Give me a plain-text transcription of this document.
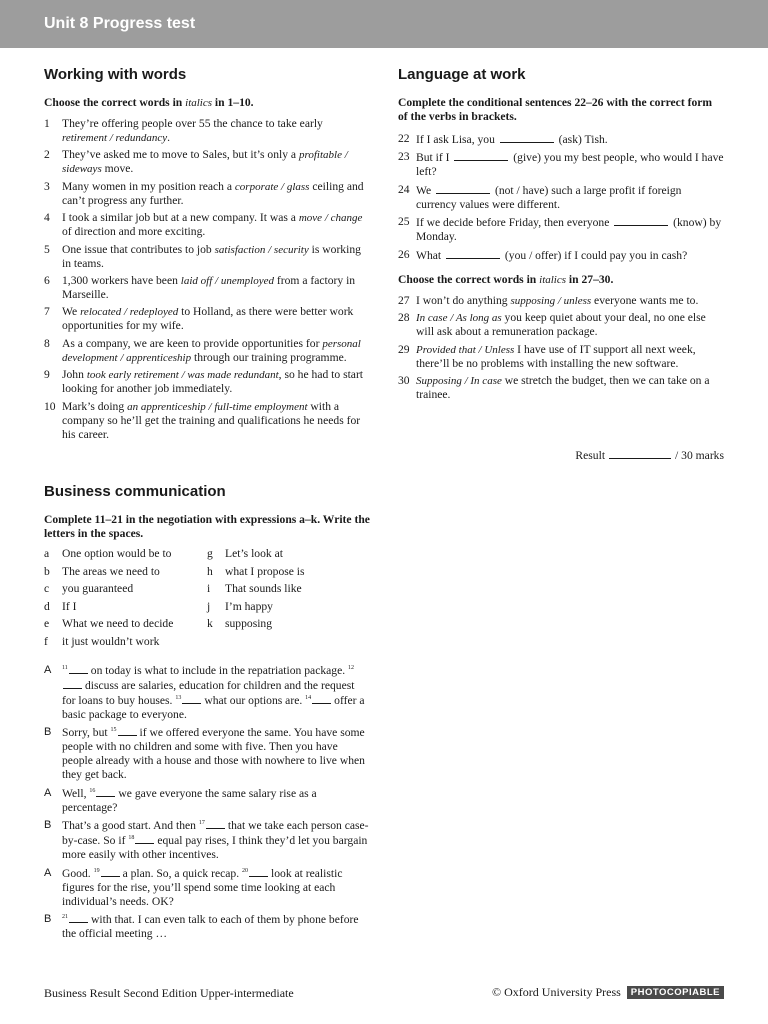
Unit 8 Progress test
Working with words
Choose the correct words in italics in 1–10.
1	They’re offering people over 55 the chance to take early retirement / redundancy.
2	They’ve asked me to move to Sales, but it’s only a profitable / sideways move.
3	Many women in my position reach a corporate / glass ceiling and can’t progress any further.
4	I took a similar job but at a new company. It was a move / change of direction and more exciting.
5	One issue that contributes to job satisfaction / security is working in teams.
6	1,300 workers have been laid off / unemployed from a factory in Marseille.
7	We relocated / redeployed to Holland, as there were better work opportunities for my wife.
8	As a company, we are keen to provide opportunities for personal development / apprenticeship through our training programme.
9	John took early retirement / was made redundant, so he had to start looking for another job immediately.
10 Mark’s doing an apprenticeship / full-time employment with a company so he’ll get the training and qualifications he needs for his career.
Business communication
Complete 11–21 in the negotiation with expressions a–k. Write the letters in the spaces.
a	One option would be to	g	Let’s look at
b	The areas we need to	h	what I propose is
c	you guaranteed	i	That sounds like
d	If I	j	I’m happy
e	What we need to decide	k	supposing
f	it just wouldn’t work
A	$^{11}$ on today is what to include in the repatriation package. $^{12}$discuss are salaries, education for children and the request for loans to buy houses. $^{13}$ what our options are. $^{14}$ offer a basic package to everyone.
B Sorry, but $^{15}$ if we offered everyone the same. You have some people with no children and some with five. Then you have people already with a house and those with nowhere to live when they get back.
A Well, $^{16}$ we gave everyone the same salary rise as a percentage?
B That’s a good start. And then $^{17}$ that we take each person case-by-case. So if $^{18}$ equal pay rises, I think they’d let you bargain more easily with other incentives.
A Good. $^{19}$ a plan. So, a quick recap. $^{20}$ look at realistic figures for the rise, you’ll spend some time looking at each individual’s needs. OK?
B	$^{21}$ with that. I can even talk to each of them by phone before the official meeting …
Language at work
Complete the conditional sentences 22–26 with the correct form of the verbs in brackets.
22 If I ask Lisa, you	(ask) Tish.
23 But if I	(give) you my best people, who would I have left?
24 We	(not / have) such a large profit if foreign currency values were different.
25 If we decide before Friday, then everyone	(know) by Monday.
26 What	(you / offer) if I could pay you in cash?
Choose the correct words in italics in 27–30.
27 I won’t do anything supposing / unless everyone wants me to.
28 In case / As long as you keep quiet about your deal, no one else will ask about a remuneration package.
29 Provided that / Unless I have use of IT support all next week, there’ll be no problems with installing the new software.
30 Supposing / In case we stretch the budget, then we can take on a trainee.
Result	/ 30 marks
Business Result Second Edition Upper-intermediate	© Oxford University Press	PHOTOCOPIABLE
